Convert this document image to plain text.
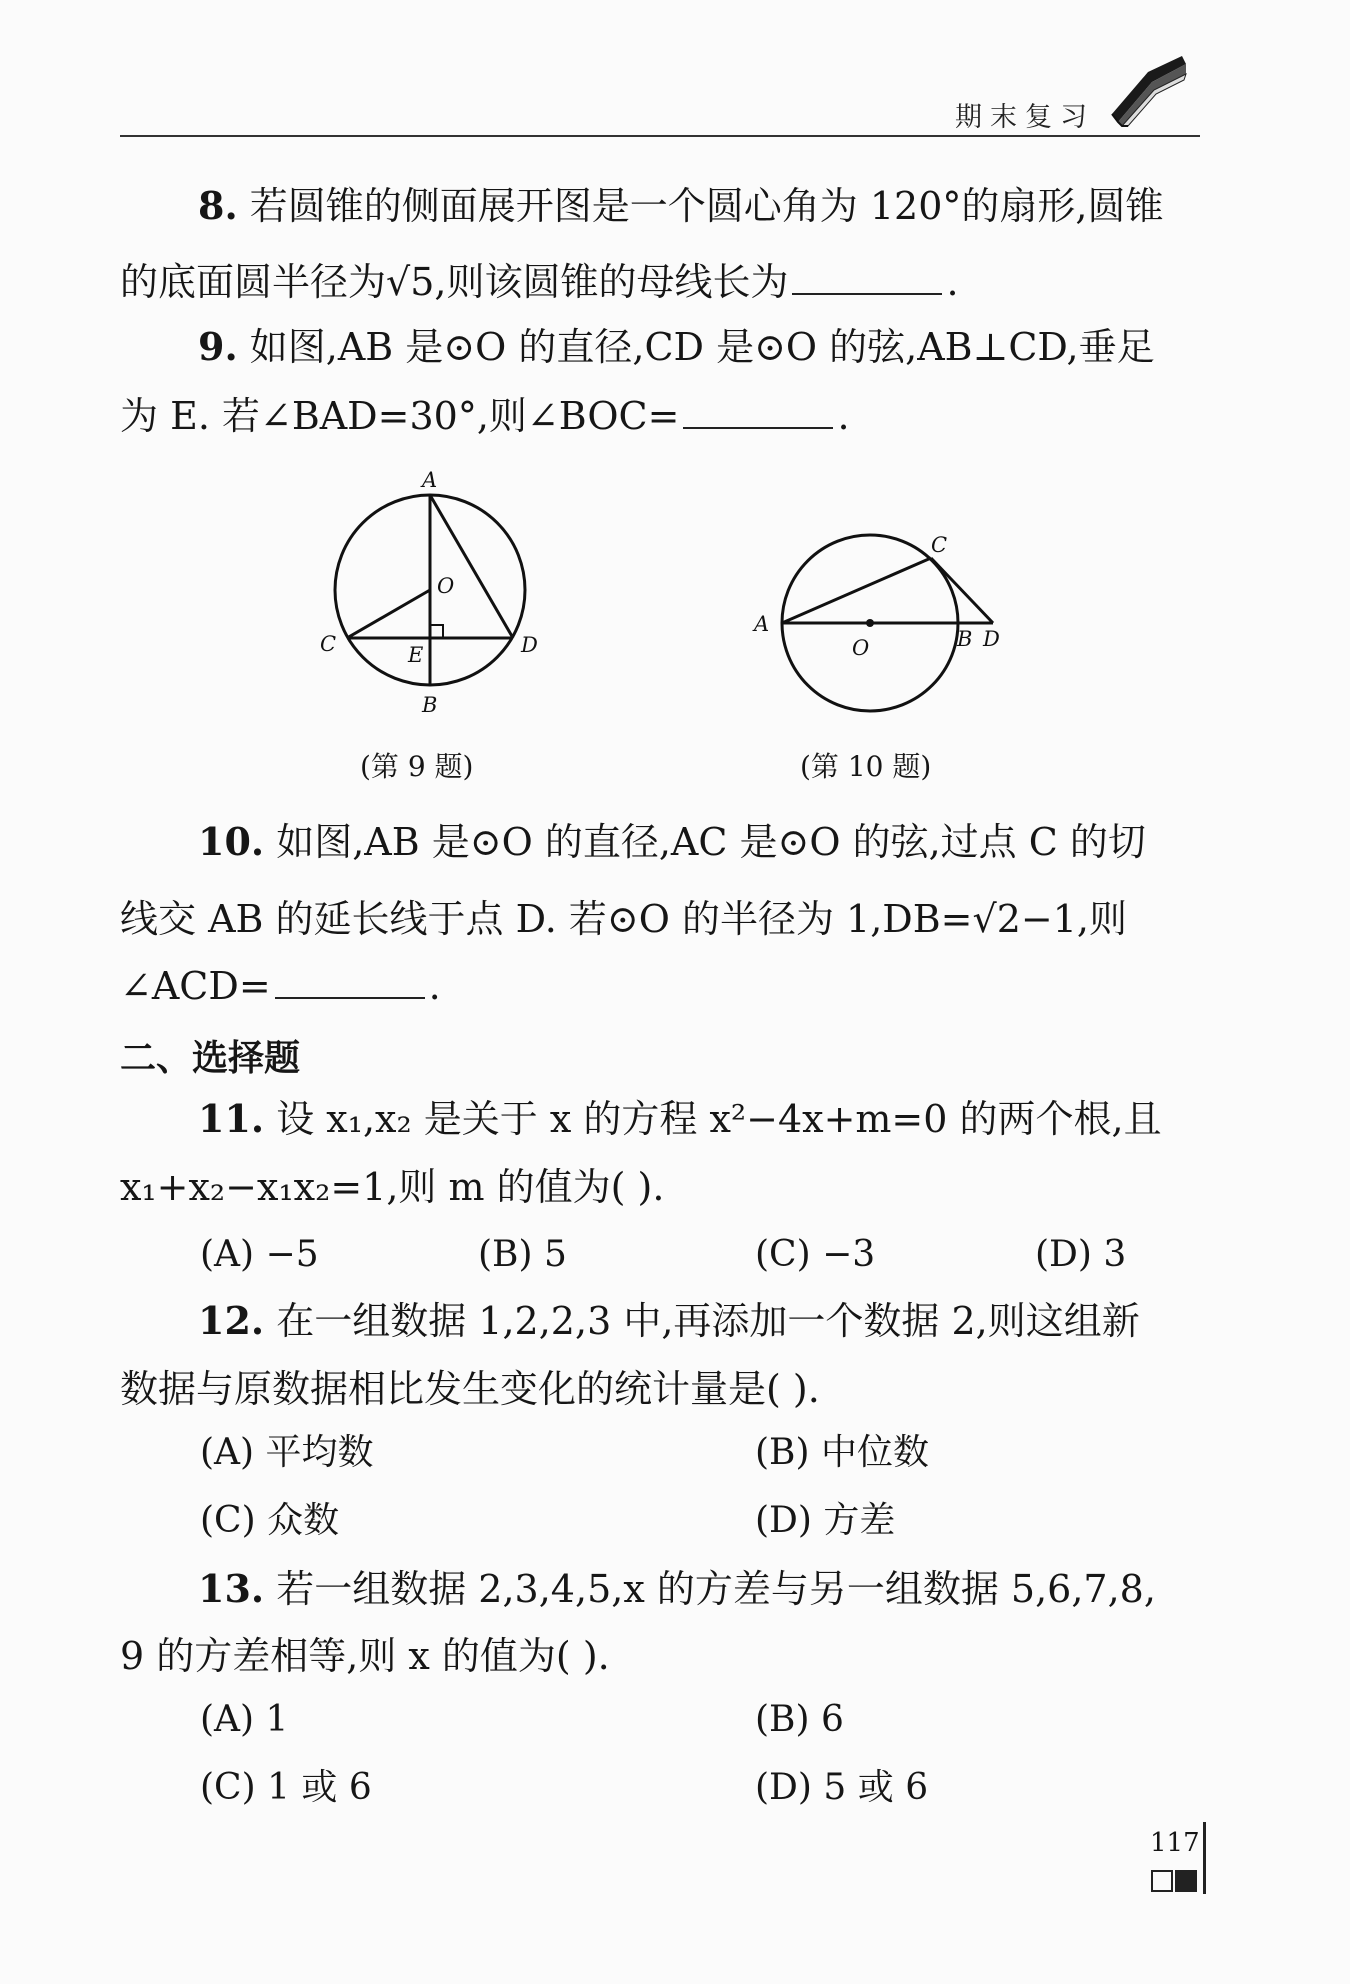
期末复习
8. 若圆锥的侧面展开图是一个圆心角为 120°的扇形,圆锥
的底面圆半径为√5,则该圆锥的母线长为	.
9. 如图,AB 是⊙O 的直径,CD 是⊙O 的弦,AB⊥CD,垂足
为 E. 若∠BAD=30°,则∠BOC=	.
A
O
C	E	D
B
(第 9 题)
C
A
O	B D
(第 10 题)
10. 如图,AB 是⊙O 的直径,AC 是⊙O 的弦,过点 C 的切
线交 AB 的延长线于点 D. 若⊙O 的半径为 1,DB=√2−1,则
∠ACD=	.
二、选择题
11. 设 x₁,x₂ 是关于 x 的方程 x²−4x+m=0 的两个根,且
x₁+x₂−x₁x₂=1,则 m 的值为( ).
(A) −5	(B) 5	(C) −3	(D) 3
12. 在一组数据 1,2,2,3 中,再添加一个数据 2,则这组新
数据与原数据相比发生变化的统计量是( ).
(A) 平均数	(B) 中位数
(C) 众数	(D) 方差
13. 若一组数据 2,3,4,5,x 的方差与另一组数据 5,6,7,8,
9 的方差相等,则 x 的值为( ).
(A) 1	(B) 6
(C) 1 或 6	(D) 5 或 6
117
